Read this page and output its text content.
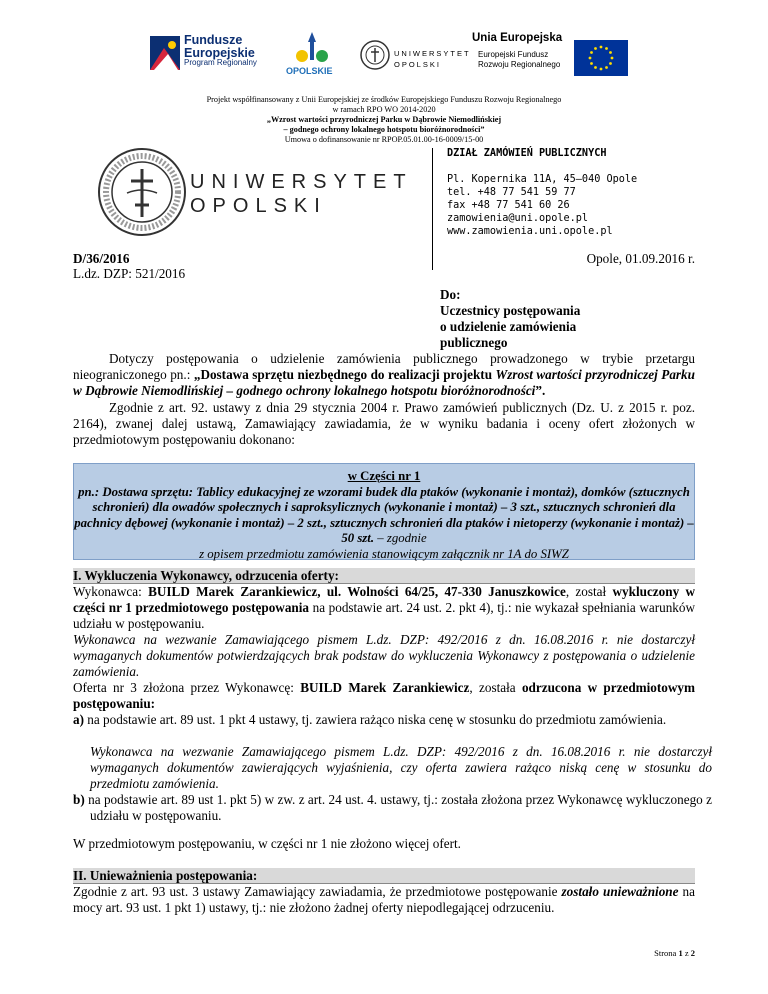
Fundusze
Europejskie
Program Regionalny
OPOLSKIE
UNIWERSYTET
OPOLSKI
Unia Europejska
Europejski Fundusz
Rozwoju Regionalnego
Projekt współfinansowany z Unii Europejskiej ze środków Europejskiego Funduszu Rozwoju Regionalnego
w ramach RPO WO 2014-2020
„Wzrost wartości przyrodniczej Parku w Dąbrowie Niemodlińskiej
– godnego ochrony lokalnego hotspotu bioróżnorodności”
Umowa o dofinansowanie nr RPOP.05.01.00-16-0009/15-00
UNIWERSYTET
OPOLSKI
DZIAŁ ZAMÓWIEŃ PUBLICZNYCH
Pl. Kopernika 11A, 45–040 Opole
tel. +48 77 541 59 77
fax +48 77 541 60 26
zamowienia@uni.opole.pl
www.zamowienia.uni.opole.pl
D/36/2016
L.dz. DZP: 521/2016
Opole, 01.09.2016 r.
Do:
Uczestnicy postępowania
o udzielenie zamówienia
publicznego
Dotyczy postępowania o udzielenie zamówienia publicznego prowadzonego w trybie przetargu nieograniczonego pn.: „Dostawa sprzętu niezbędnego do realizacji projektu Wzrost wartości przyrodniczej Parku w Dąbrowie Niemodlińskiej – godnego ochrony lokalnego hotspotu bioróżnorodności”.
Zgodnie z art. 92. ustawy z dnia 29 stycznia 2004 r. Prawo zamówień publicznych (Dz. U. z 2015 r. poz. 2164), zwanej dalej ustawą, Zamawiający zawiadamia, że w wyniku badania i oceny ofert złożonych w przedmiotowym postępowaniu dokonano:
w Części nr 1
pn.: Dostawa sprzętu: Tablicy edukacyjnej ze wzorami budek dla ptaków (wykonanie i montaż), domków (sztucznych schronień) dla owadów społecznych i saproksylicznych (wykonanie i montaż) – 3 szt., sztucznych schronień dla pachnicy dębowej (wykonanie i montaż) – 2 szt., sztucznych schronień dla ptaków i nietoperzy (wykonanie i montaż) – 50 szt. – zgodnie
z opisem przedmiotu zamówienia stanowiącym załącznik nr 1A do SIWZ
I. Wykluczenia Wykonawcy, odrzucenia oferty:
Wykonawca: BUILD Marek Zarankiewicz, ul. Wolności 64/25, 47-330 Januszkowice, został wykluczony w części nr 1 przedmiotowego postępowania na podstawie art. 24 ust. 2. pkt 4), tj.: nie wykazał spełniania warunków udziału w postępowaniu.
Wykonawca na wezwanie Zamawiającego pismem L.dz. DZP: 492/2016 z dn. 16.08.2016 r. nie dostarczył wymaganych dokumentów potwierdzających brak podstaw do wykluczenia Wykonawcy z postępowania o udzielenie zamówienia.
Oferta nr 3 złożona przez Wykonawcę: BUILD Marek Zarankiewicz, została odrzucona w przedmiotowym postępowaniu:
a) na podstawie art. 89 ust. 1 pkt 4 ustawy, tj. zawiera rażąco niska cenę w stosunku do przedmiotu zamówienia.
Wykonawca na wezwanie Zamawiającego pismem L.dz. DZP: 492/2016 z dn. 16.08.2016 r. nie dostarczył wymaganych dokumentów zawierających wyjaśnienia, czy oferta zawiera rażąco niską cenę w stosunku do przedmiotu zamówienia.
b) na podstawie art. 89 ust 1. pkt 5) w zw. z art. 24 ust. 4. ustawy, tj.: została złożona przez Wykonawcę wykluczonego z udziału w postępowaniu.
W przedmiotowym postępowaniu, w części nr 1 nie złożono więcej ofert.
II. Unieważnienia postępowania:
Zgodnie z art. 93 ust. 3 ustawy Zamawiający zawiadamia, że przedmiotowe postępowanie zostało unieważnione na mocy art. 93 ust. 1 pkt 1) ustawy, tj.: nie złożono żadnej oferty niepodlegającej odrzuceniu.
Strona 1 z 2
